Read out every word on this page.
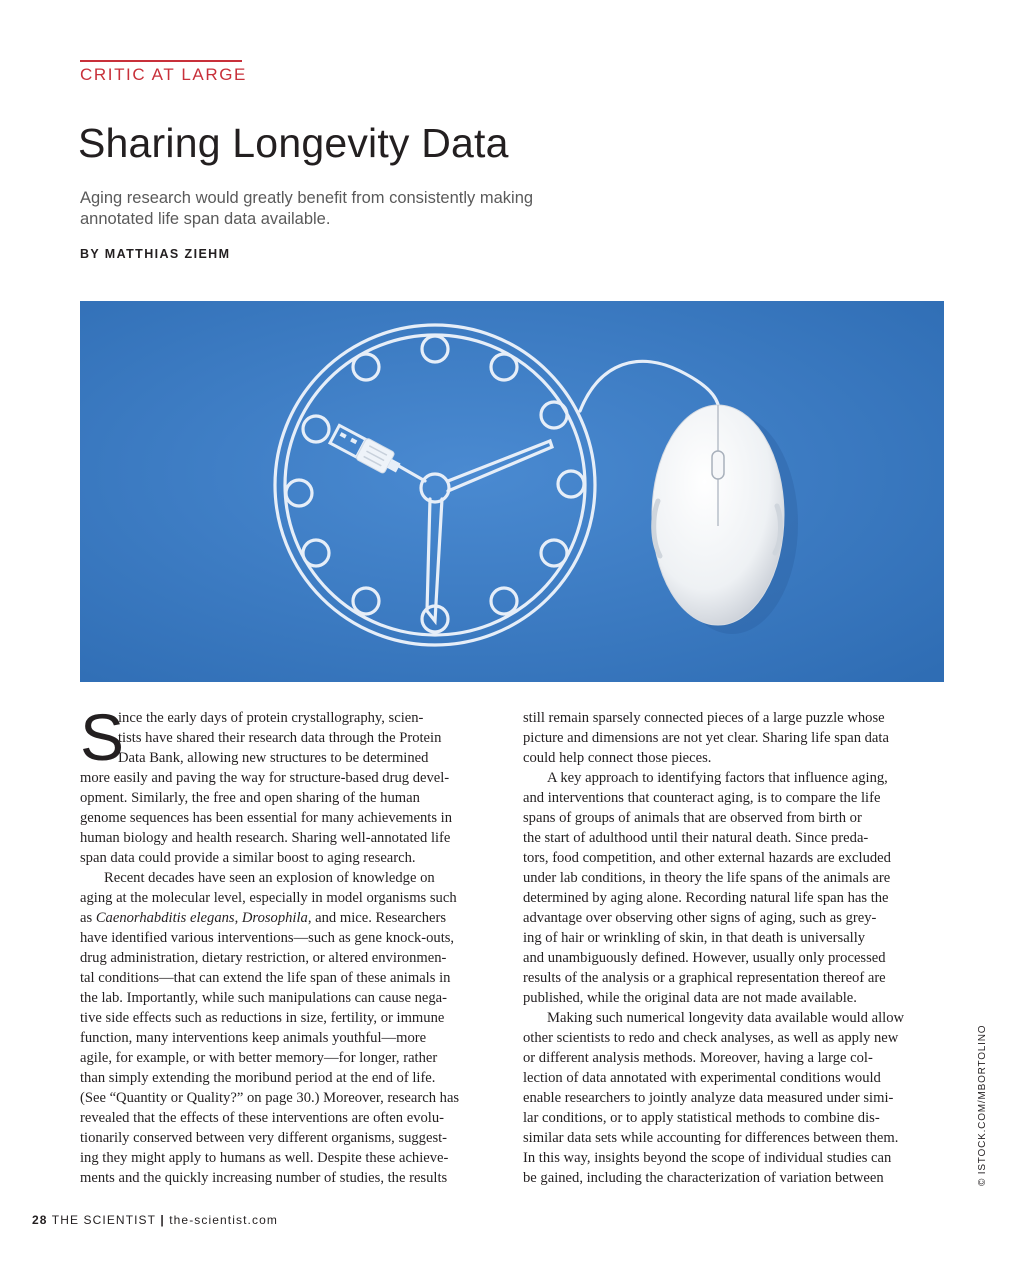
CRITIC AT LARGE
Sharing Longevity Data
Aging research would greatly benefit from consistently making
annotated life span data available.
BY MATTHIAS ZIEHM
S
ince the early days of protein crystallography, scien-
tists have shared their research data through the Protein
Data Bank, allowing new structures to be determined
more easily and paving the way for structure-based drug devel-
opment. Similarly, the free and open sharing of the human
genome sequences has been essential for many achievements in
human biology and health research. Sharing well-annotated life
span data could provide a similar boost to aging research.
Recent decades have seen an explosion of knowledge on
aging at the molecular level, especially in model organisms such
as Caenorhabditis elegans, Drosophila, and mice. Researchers
have identified various interventions—such as gene knock-outs,
drug administration, dietary restriction, or altered environmen-
tal conditions—that can extend the life span of these animals in
the lab. Importantly, while such manipulations can cause nega-
tive side effects such as reductions in size, fertility, or immune
function, many interventions keep animals youthful—more
agile, for example, or with better memory—for longer, rather
than simply extending the moribund period at the end of life.
(See “Quantity or Quality?” on page 30.) Moreover, research has
revealed that the effects of these interventions are often evolu-
tionarily conserved between very different organisms, suggest-
ing they might apply to humans as well. Despite these achieve-
ments and the quickly increasing number of studies, the results
still remain sparsely connected pieces of a large puzzle whose
picture and dimensions are not yet clear. Sharing life span data
could help connect those pieces.
A key approach to identifying factors that influence aging,
and interventions that counteract aging, is to compare the life
spans of groups of animals that are observed from birth or
the start of adulthood until their natural death. Since preda-
tors, food competition, and other external hazards are excluded
under lab conditions, in theory the life spans of the animals are
determined by aging alone. Recording natural life span has the
advantage over observing other signs of aging, such as grey-
ing of hair or wrinkling of skin, in that death is universally
and unambiguously defined. However, usually only processed
results of the analysis or a graphical representation thereof are
published, while the original data are not made available.
Making such numerical longevity data available would allow
other scientists to redo and check analyses, as well as apply new
or different analysis methods. Moreover, having a large col-
lection of data annotated with experimental conditions would
enable researchers to jointly analyze data measured under simi-
lar conditions, or to apply statistical methods to combine dis-
similar data sets while accounting for differences between them.
In this way, insights beyond the scope of individual studies can
be gained, including the characterization of variation between	© ISTOCK.COM/MBORTOLINO
28 THE SCIENTIST | the-scientist.com
